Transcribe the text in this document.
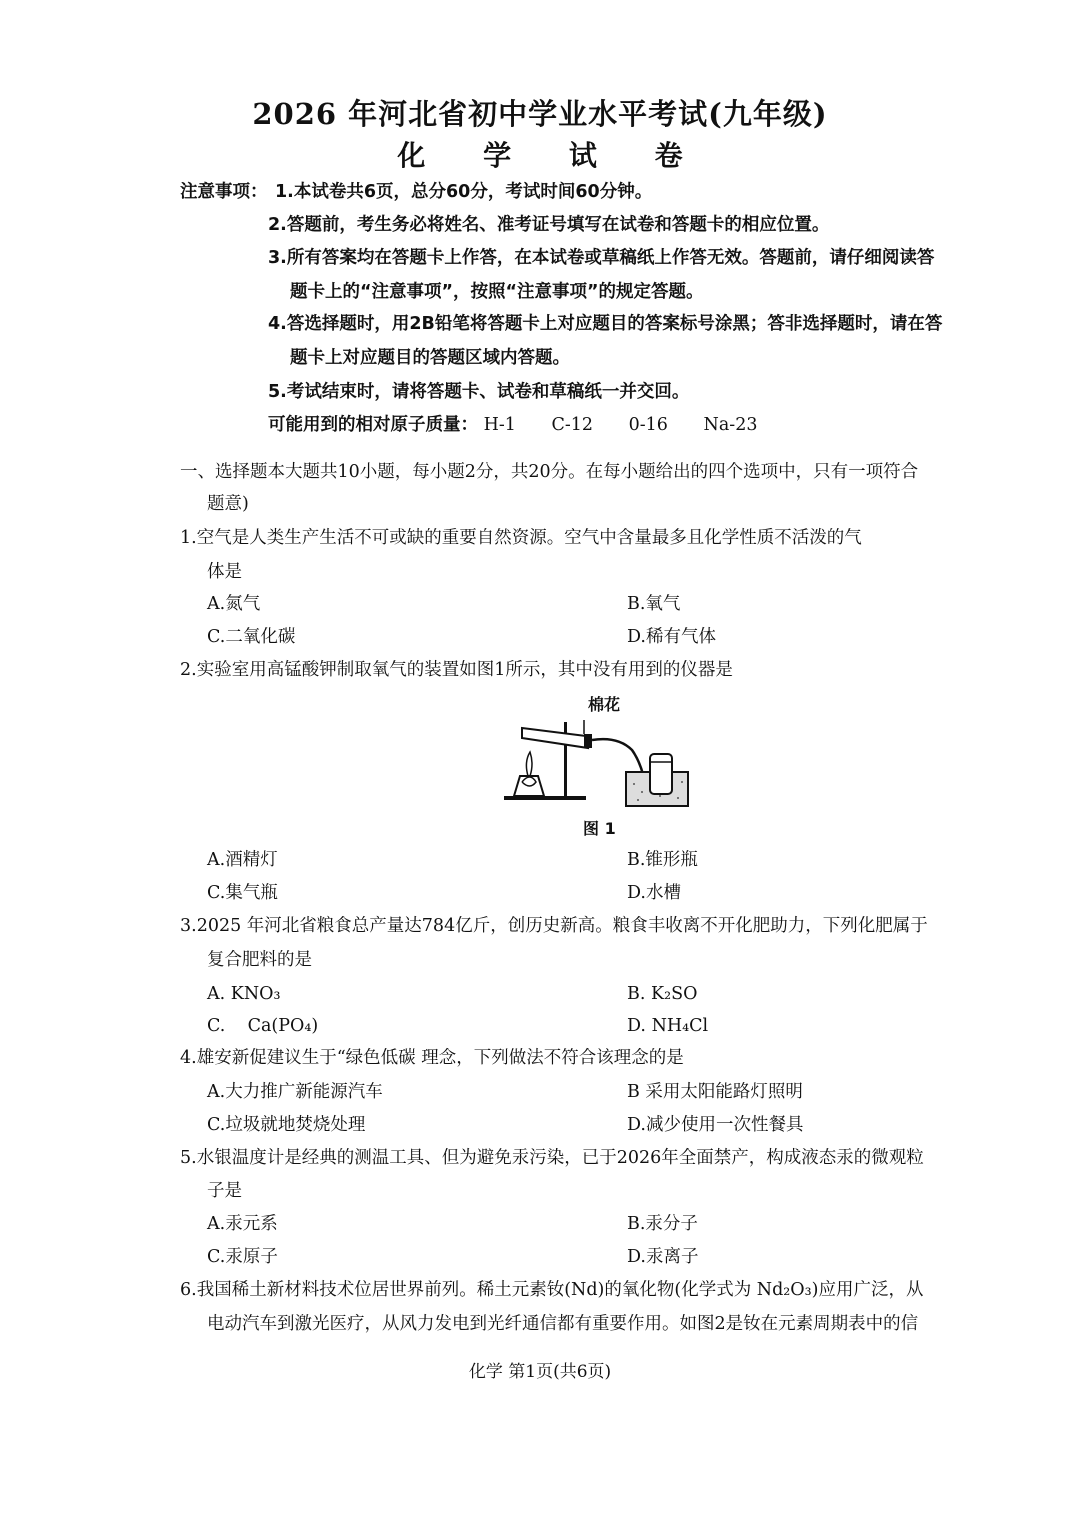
2026 年河北省初中学业水平考试(九年级)
化 学 试 卷
注意事项： 1.本试卷共6页，总分60分，考试时间60分钟。
2.答题前，考生务必将姓名、准考证号填写在试卷和答题卡的相应位置。
3.所有答案均在答题卡上作答，在本试卷或草稿纸上作答无效。答题前，请仔细阅读答
题卡上的“注意事项”，按照“注意事项”的规定答题。
4.答选择题时，用2B铅笔将答题卡上对应题目的答案标号涂黑；答非选择题时，请在答
题卡上对应题目的答题区域内答题。
5.考试结束时，请将答题卡、试卷和草稿纸一并交回。
可能用到的相对原子质量： H-1 C-12 0-16 Na-23
一、选择题本大题共10小题，每小题2分，共20分。在每小题给出的四个选项中，只有一项符合
题意)
1.空气是人类生产生活不可或缺的重要自然资源。空气中含量最多且化学性质不活泼的气
体是
A.氮气	B.氧气
C.二氧化碳	D.稀有气体
2.实验室用高锰酸钾制取氧气的装置如图1所示，其中没有用到的仪器是
棉花
图 1
A.酒精灯	B.锥形瓶
C.集气瓶	D.水槽
3.2025 年河北省粮食总产量达784亿斤，创历史新高。粮食丰收离不开化肥助力，下列化肥属于
复合肥料的是
A. KNO₃	B. K₂SO
C. Ca(PO₄)	D. NH₄Cl
4.雄安新促建议生于“绿色低碳 理念，下列做法不符合该理念的是
A.大力推广新能源汽车	B 采用太阳能路灯照明
C.垃圾就地焚烧处理	D.减少使用一次性餐具
5.水银温度计是经典的测温工具、但为避免汞污染，已于2026年全面禁产，构成液态汞的微观粒
子是
A.汞元系	B.汞分子
C.汞原子	D.汞离子
6.我国稀土新材料技术位居世界前列。稀土元素钕(Nd)的氧化物(化学式为 Nd₂O₃)应用广泛，从
电动汽车到激光医疗，从风力发电到光纤通信都有重要作用。如图2是钕在元素周期表中的信
化学 第1页(共6页)
